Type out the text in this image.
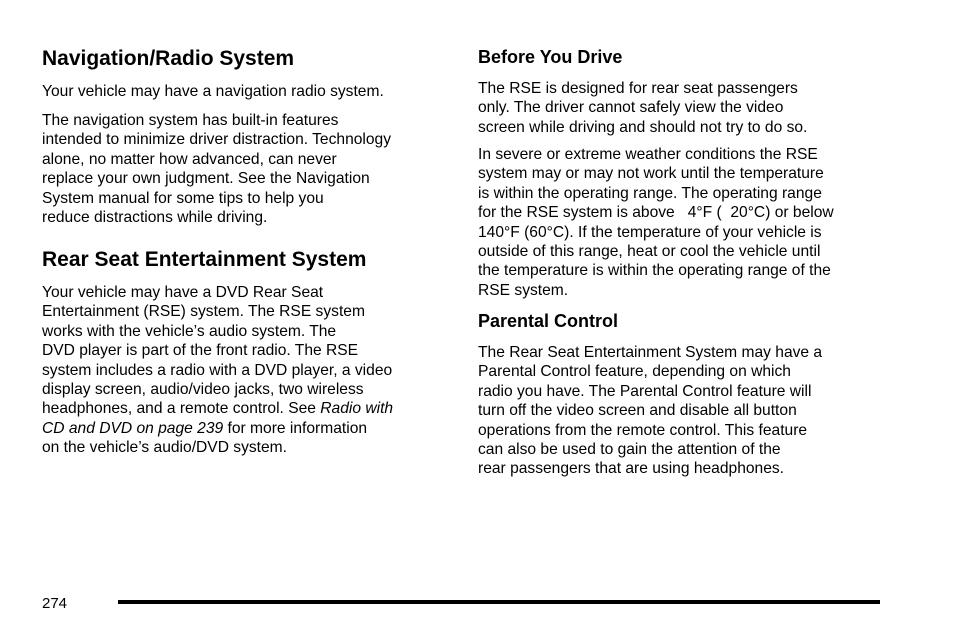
Navigation/Radio System

Your vehicle may have a navigation radio system.

The navigation system has built-in features
intended to minimize driver distraction. Technology
alone, no matter how advanced, can never
replace your own judgment. See the Navigation
System manual for some tips to help you
reduce distractions while driving.

Rear Seat Entertainment System

Your vehicle may have a DVD Rear Seat
Entertainment (RSE) system. The RSE system
works with the vehicle’s audio system. The
DVD player is part of the front radio. The RSE
system includes a radio with a DVD player, a video
display screen, audio/video jacks, two wireless
headphones, and a remote control. See Radio with
CD and DVD on page 239 for more information
on the vehicle’s audio/DVD system.

Before You Drive

The RSE is designed for rear seat passengers
only. The driver cannot safely view the video
screen while driving and should not try to do so.

In severe or extreme weather conditions the RSE
system may or may not work until the temperature
is within the operating range. The operating range
for the RSE system is above   4°F (  20°C) or below
140°F (60°C). If the temperature of your vehicle is
outside of this range, heat or cool the vehicle until
the temperature is within the operating range of the
RSE system.

Parental Control

The Rear Seat Entertainment System may have a
Parental Control feature, depending on which
radio you have. The Parental Control feature will
turn off the video screen and disable all button
operations from the remote control. This feature
can also be used to gain the attention of the
rear passengers that are using headphones.

274
